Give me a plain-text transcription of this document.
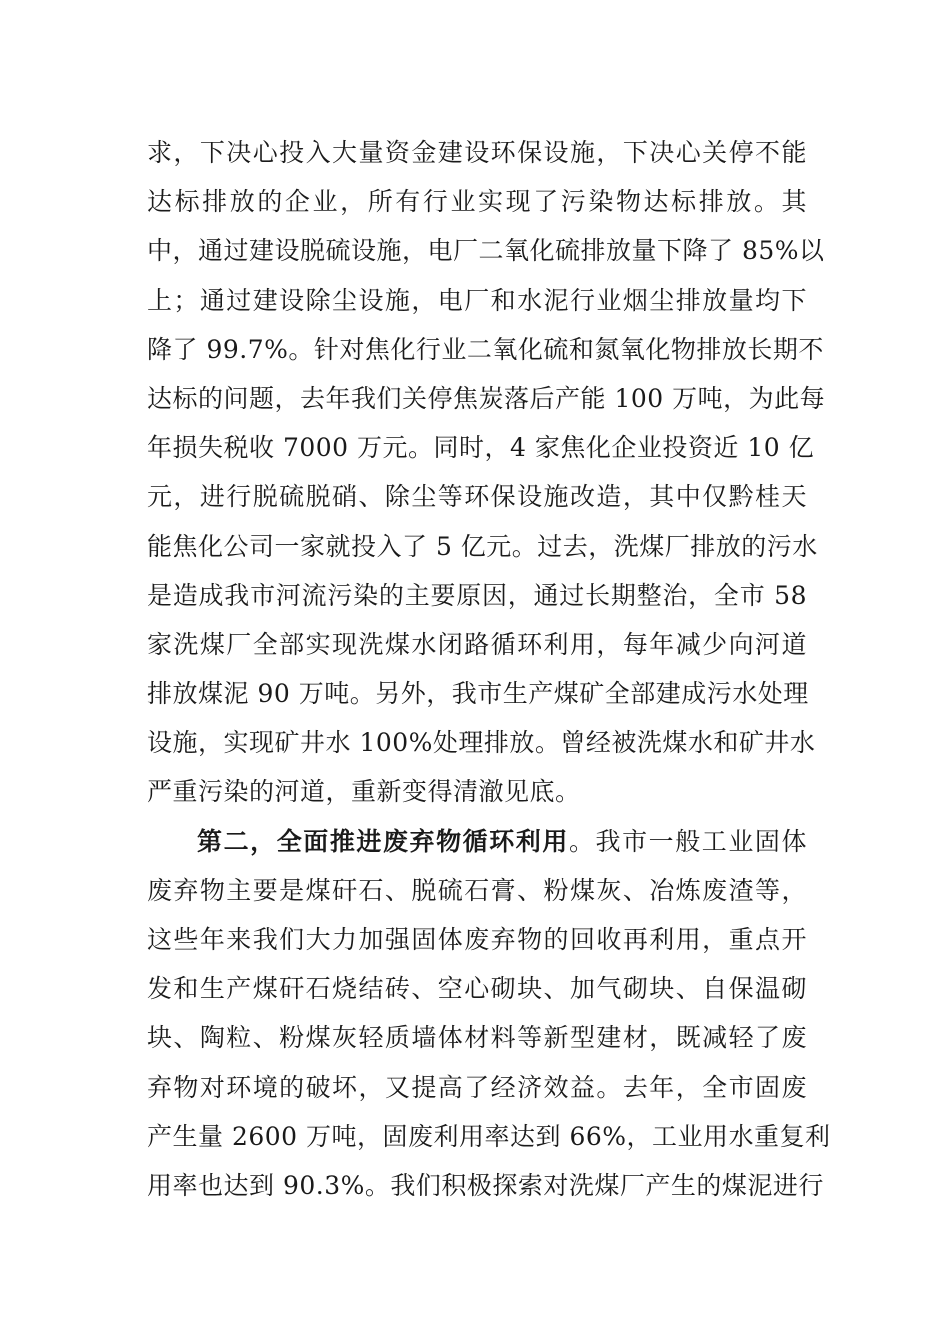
求，下决心投入大量资金建设环保设施，下决心关停不能
达标排放的企业，所有行业实现了污染物达标排放。其
中，通过建设脱硫设施，电厂二氧化硫排放量下降了 85%以
上；通过建设除尘设施，电厂和水泥行业烟尘排放量均下
降了 99.7%。针对焦化行业二氧化硫和氮氧化物排放长期不
达标的问题，去年我们关停焦炭落后产能 100 万吨，为此每
年损失税收 7000 万元。同时，4 家焦化企业投资近 10 亿
元，进行脱硫脱硝、除尘等环保设施改造，其中仅黔桂天
能焦化公司一家就投入了 5 亿元。过去，洗煤厂排放的污水
是造成我市河流污染的主要原因，通过长期整治，全市 58
家洗煤厂全部实现洗煤水闭路循环利用，每年减少向河道
排放煤泥 90 万吨。另外，我市生产煤矿全部建成污水处理
设施，实现矿井水 100%处理排放。曾经被洗煤水和矿井水
严重污染的河道，重新变得清澈见底。
第二，全面推进废弃物循环利用。我市一般工业固体
废弃物主要是煤矸石、脱硫石膏、粉煤灰、冶炼废渣等，
这些年来我们大力加强固体废弃物的回收再利用，重点开
发和生产煤矸石烧结砖、空心砌块、加气砌块、自保温砌
块、陶粒、粉煤灰轻质墙体材料等新型建材，既减轻了废
弃物对环境的破坏，又提高了经济效益。去年，全市固废
产生量 2600 万吨，固废利用率达到 66%，工业用水重复利
用率也达到 90.3%。我们积极探索对洗煤厂产生的煤泥进行
